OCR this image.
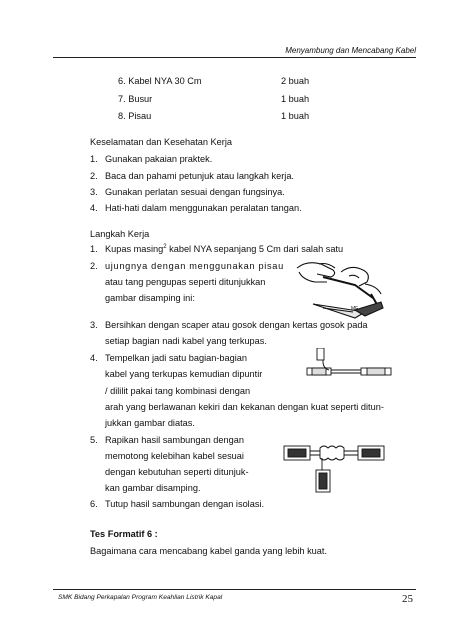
Menyambung dan Mencabang Kabel
6. Kabel NYA 30 Cm	2 buah
7. Busur	1 buah
8. Pisau	1 buah
Keselamatan dan Kesehatan Kerja
1. Gunakan pakaian praktek.
2. Baca dan pahami petunjuk atau langkah kerja.
3. Gunakan perlatan sesuai dengan fungsinya.
4. Hati-hati dalam menggunakan peralatan tangan.
Langkah Kerja
1. Kupas masing$^2$ kabel NYA sepanjang 5 Cm dari salah satu
2. ujungnya dengan menggunakan pisau
atau tang pengupas seperti ditunjukkan
gambar disamping ini:
MF
3. Bersihkan dengan scaper atau gosok dengan kertas gosok pada
setiap bagian nadi kabel yang terkupas.
4. Tempelkan jadi satu bagian-bagian
kabel yang terkupas kemudian dipuntir
/ dililit pakai tang kombinasi dengan
arah yang berlawanan kekiri dan kekanan dengan kuat seperti ditun-
jukkan gambar diatas.
5. Rapikan hasil sambungan dengan
memotong kelebihan kabel sesuai
dengan kebutuhan seperti ditunjuk-
kan gambar disamping.
6. Tutup hasil sambungan dengan isolasi.
Tes Formatif 6 :
Bagaimana cara mencabang kabel ganda yang lebih kuat.
SMK Bidang Perkapalan Program Keahlian Listrik Kapal	25
